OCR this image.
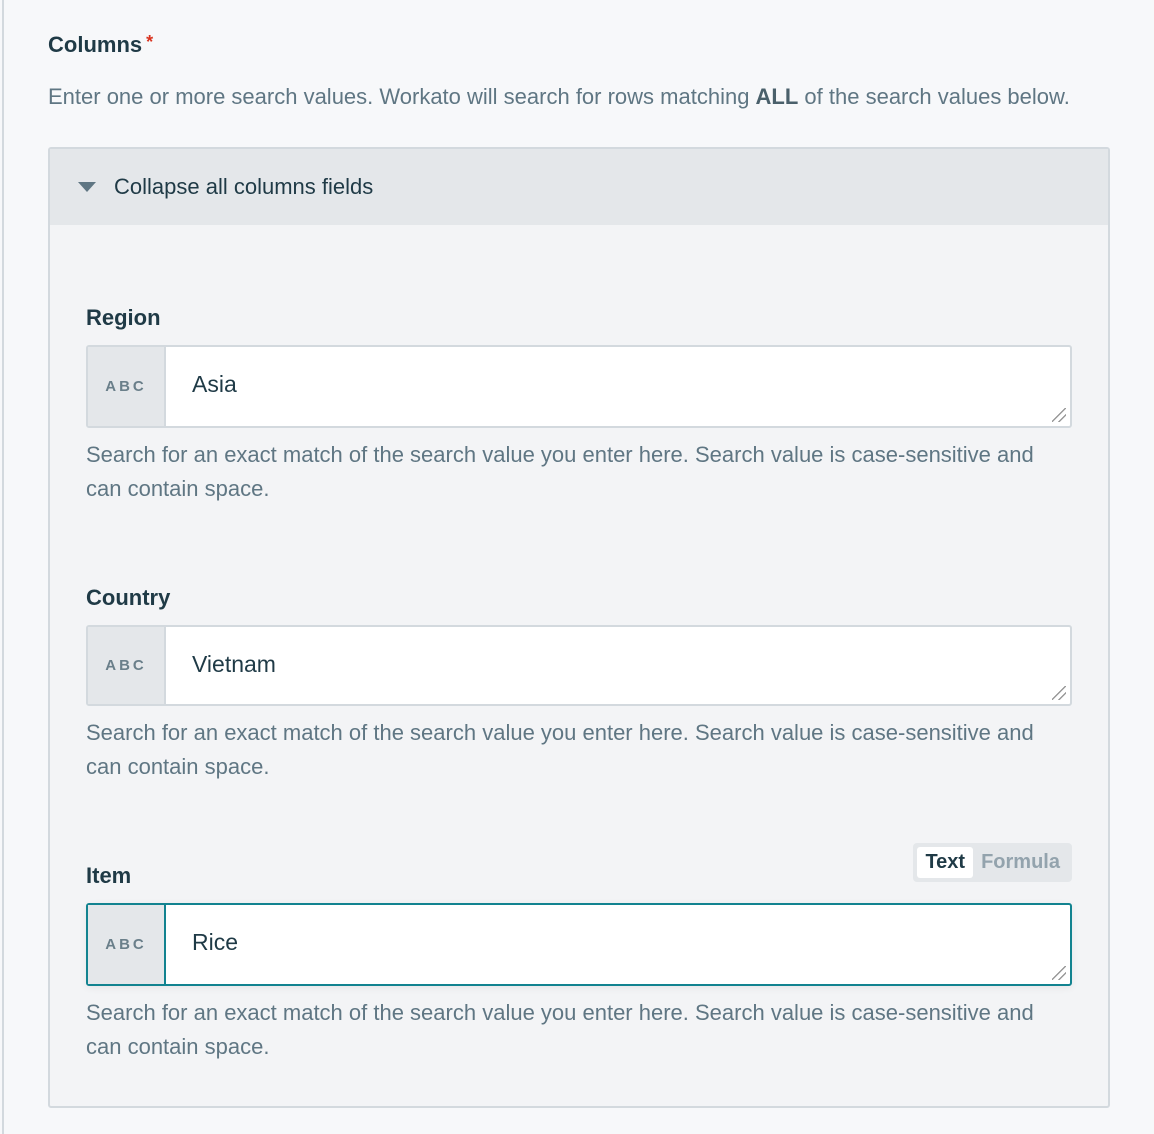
Columns *
Enter one or more search values. Workato will search for rows matching ALL of the search values below.
Collapse all columns fields
Region
ABC	Asia
Search for an exact match of the search value you enter here. Search value is case-sensitive and can contain space.
Country
ABC	Vietnam
Search for an exact match of the search value you enter here. Search value is case-sensitive and can contain space.
Item
Text Formula
ABC	Rice
Search for an exact match of the search value you enter here. Search value is case-sensitive and can contain space.
